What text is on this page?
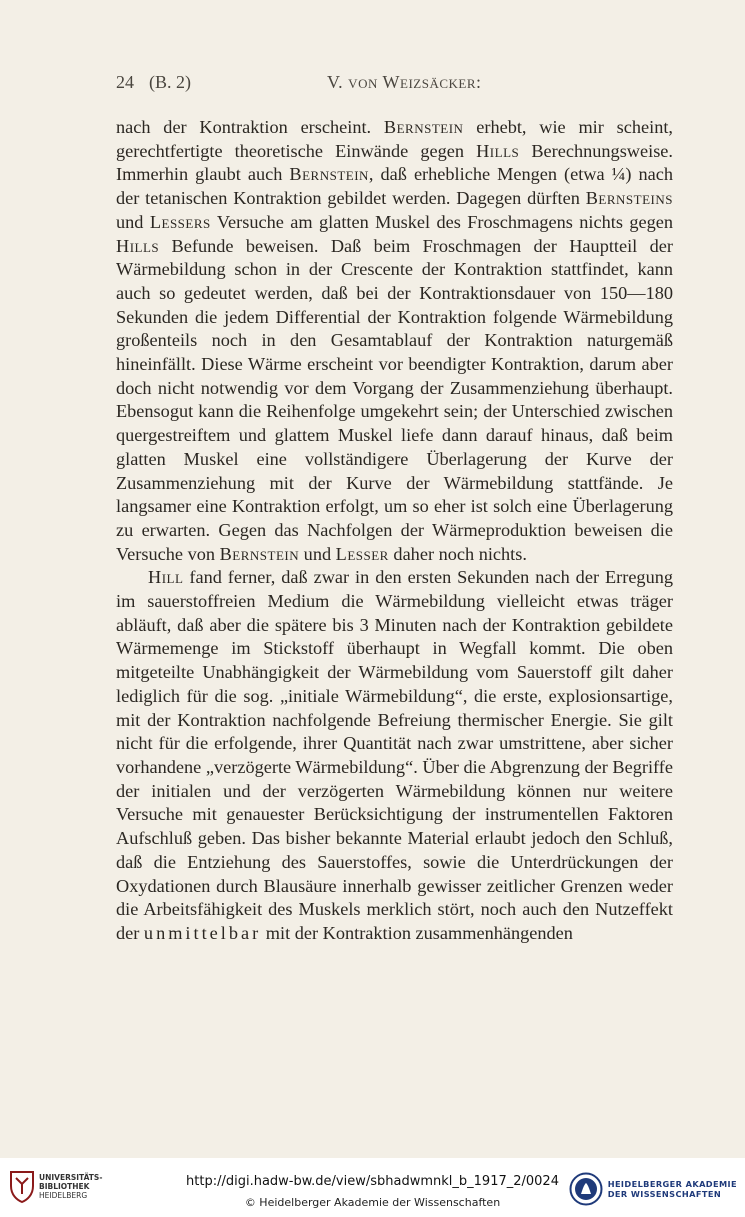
24 (B. 2)	V. von Weizsäcker:

nach der Kontraktion erscheint. Bernstein erhebt, wie mir scheint, gerechtfertigte theoretische Einwände gegen Hills Berechnungsweise. Immerhin glaubt auch Bernstein, daß erhebliche Mengen (etwa ¼) nach der tetanischen Kontraktion gebildet werden. Dagegen dürften Bernsteins und Lessers Versuche am glatten Muskel des Froschmagens nichts gegen Hills Befunde beweisen. Daß beim Froschmagen der Hauptteil der Wärmebildung schon in der Crescente der Kontraktion stattfindet, kann auch so gedeutet werden, daß bei der Kontraktionsdauer von 150—180 Sekunden die jedem Differential der Kontraktion folgende Wärmebildung großenteils noch in den Gesamtablauf der Kontraktion naturgemäß hineinfällt. Diese Wärme erscheint vor beendigter Kontraktion, darum aber doch nicht notwendig vor dem Vorgang der Zusammenziehung überhaupt. Ebensogut kann die Reihenfolge umgekehrt sein; der Unterschied zwischen quergestreiftem und glattem Muskel liefe dann darauf hinaus, daß beim glatten Muskel eine vollständigere Überlagerung der Kurve der Zusammenziehung mit der Kurve der Wärmebildung stattfände. Je langsamer eine Kontraktion erfolgt, um so eher ist solch eine Überlagerung zu erwarten. Gegen das Nachfolgen der Wärmeproduktion beweisen die Versuche von Bernstein und Lesser daher noch nichts.

Hill fand ferner, daß zwar in den ersten Sekunden nach der Erregung im sauerstoffreien Medium die Wärmebildung vielleicht etwas träger abläuft, daß aber die spätere bis 3 Minuten nach der Kontraktion gebildete Wärmemenge im Stickstoff überhaupt in Wegfall kommt. Die oben mitgeteilte Unabhängigkeit der Wärmebildung vom Sauerstoff gilt daher lediglich für die sog. „initiale Wärmebildung“, die erste, explosionsartige, mit der Kontraktion nachfolgende Befreiung thermischer Energie. Sie gilt nicht für die erfolgende, ihrer Quantität nach zwar umstrittene, aber sicher vorhandene „verzögerte Wärmebildung“. Über die Abgrenzung der Begriffe der initialen und der verzögerten Wärmebildung können nur weitere Versuche mit genauester Berücksichtigung der instrumentellen Faktoren Aufschluß geben. Das bisher bekannte Material erlaubt jedoch den Schluß, daß die Entziehung des Sauerstoffes, sowie die Unterdrückungen der Oxydationen durch Blausäure innerhalb gewisser zeitlicher Grenzen weder die Arbeitsfähigkeit des Muskels merklich stört, noch auch den Nutzeffekt der unmittelbar mit der Kontraktion zusammenhängenden

UNIVERSITÄTS-
BIBLIOTHEK
HEIDELBERG
http://digi.hadw-bw.de/view/sbhadwmnkl_b_1917_2/0024
© Heidelberger Akademie der Wissenschaften
HEIDELBERGER AKADEMIE
DER WISSENSCHAFTEN
